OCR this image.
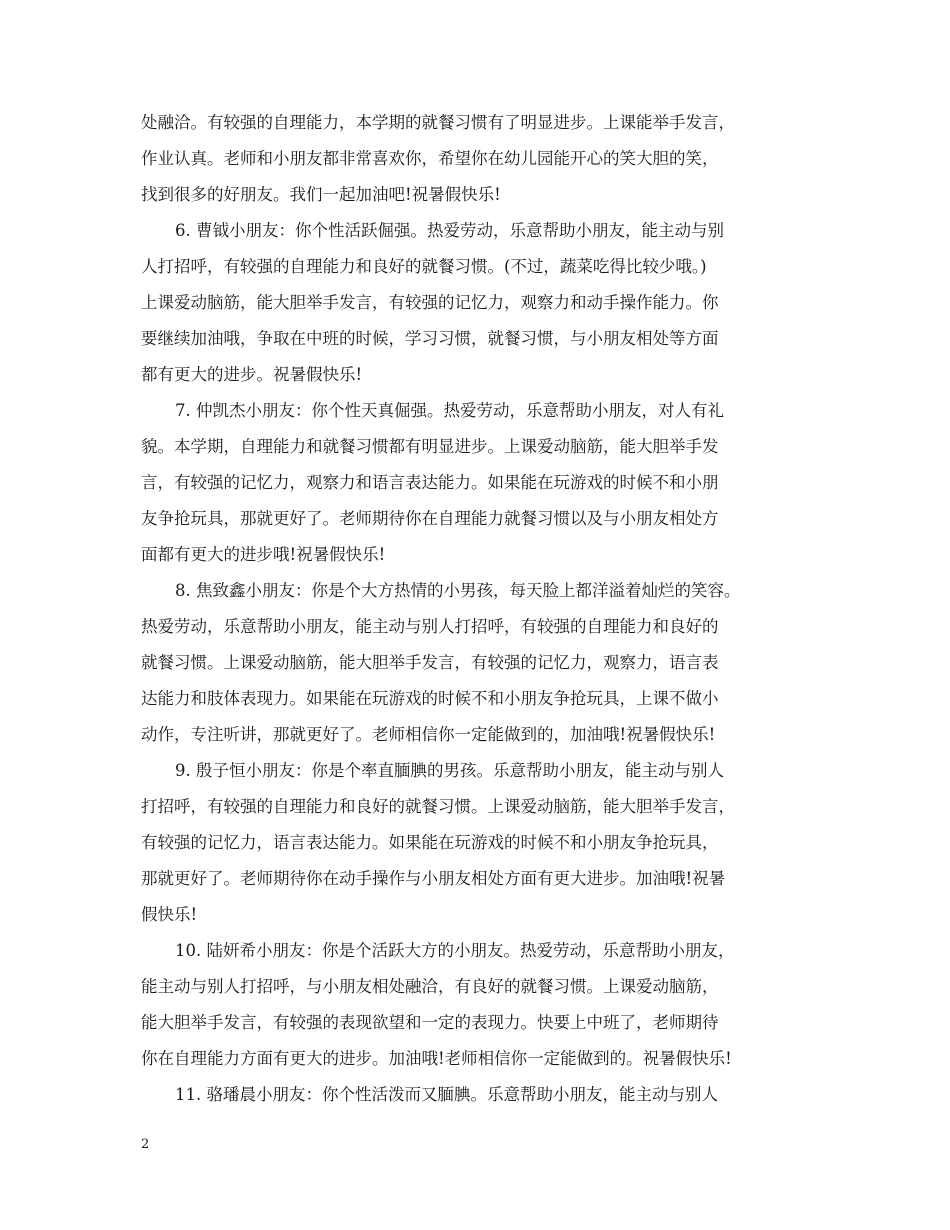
处融洽。有较强的自理能力，本学期的就餐习惯有了明显进步。上课能举手发言，
作业认真。老师和小朋友都非常喜欢你，希望你在幼儿园能开心的笑大胆的笑，
找到很多的好朋友。我们一起加油吧!祝暑假快乐!
6. 曹钺小朋友：你个性活跃倔强。热爱劳动，乐意帮助小朋友，能主动与别
人打招呼，有较强的自理能力和良好的就餐习惯。(不过，蔬菜吃得比较少哦。)
上课爱动脑筋，能大胆举手发言，有较强的记忆力，观察力和动手操作能力。你
要继续加油哦，争取在中班的时候，学习习惯，就餐习惯，与小朋友相处等方面
都有更大的进步。祝暑假快乐!
7. 仲凯杰小朋友：你个性天真倔强。热爱劳动，乐意帮助小朋友，对人有礼
貌。本学期，自理能力和就餐习惯都有明显进步。上课爱动脑筋，能大胆举手发
言，有较强的记忆力，观察力和语言表达能力。如果能在玩游戏的时候不和小朋
友争抢玩具，那就更好了。老师期待你在自理能力就餐习惯以及与小朋友相处方
面都有更大的进步哦!祝暑假快乐!
8. 焦致鑫小朋友：你是个大方热情的小男孩，每天脸上都洋溢着灿烂的笑容。
热爱劳动，乐意帮助小朋友，能主动与别人打招呼，有较强的自理能力和良好的
就餐习惯。上课爱动脑筋，能大胆举手发言，有较强的记忆力，观察力，语言表
达能力和肢体表现力。如果能在玩游戏的时候不和小朋友争抢玩具，上课不做小
动作，专注听讲，那就更好了。老师相信你一定能做到的，加油哦!祝暑假快乐!
9. 殷子恒小朋友：你是个率直腼腆的男孩。乐意帮助小朋友，能主动与别人
打招呼，有较强的自理能力和良好的就餐习惯。上课爱动脑筋，能大胆举手发言，
有较强的记忆力，语言表达能力。如果能在玩游戏的时候不和小朋友争抢玩具，
那就更好了。老师期待你在动手操作与小朋友相处方面有更大进步。加油哦!祝暑
假快乐!
10. 陆妍希小朋友：你是个活跃大方的小朋友。热爱劳动，乐意帮助小朋友，
能主动与别人打招呼，与小朋友相处融洽，有良好的就餐习惯。上课爱动脑筋，
能大胆举手发言，有较强的表现欲望和一定的表现力。快要上中班了，老师期待
你在自理能力方面有更大的进步。加油哦!老师相信你一定能做到的。祝暑假快乐!
11. 骆璠晨小朋友：你个性活泼而又腼腆。乐意帮助小朋友，能主动与别人
2
